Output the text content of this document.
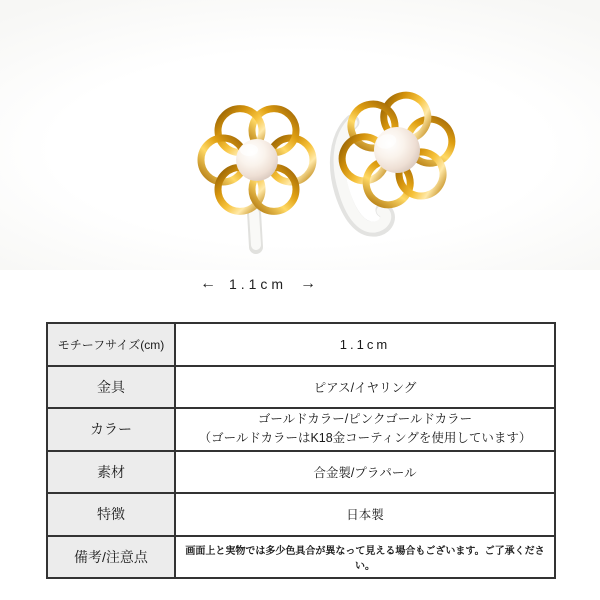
← 1.1cm →
モチーフサイズ(cm)	1.1cm
金具	ピアス/イヤリング
カラー	ゴールドカラー/ピンクゴールドカラー
（ゴールドカラーはK18金コーティングを使用しています）

素材	合金製/プラパール
特徴	日本製
備考/注意点	画面上と実物では多少色具合が異なって見える場合もございます。ご了承ください。
